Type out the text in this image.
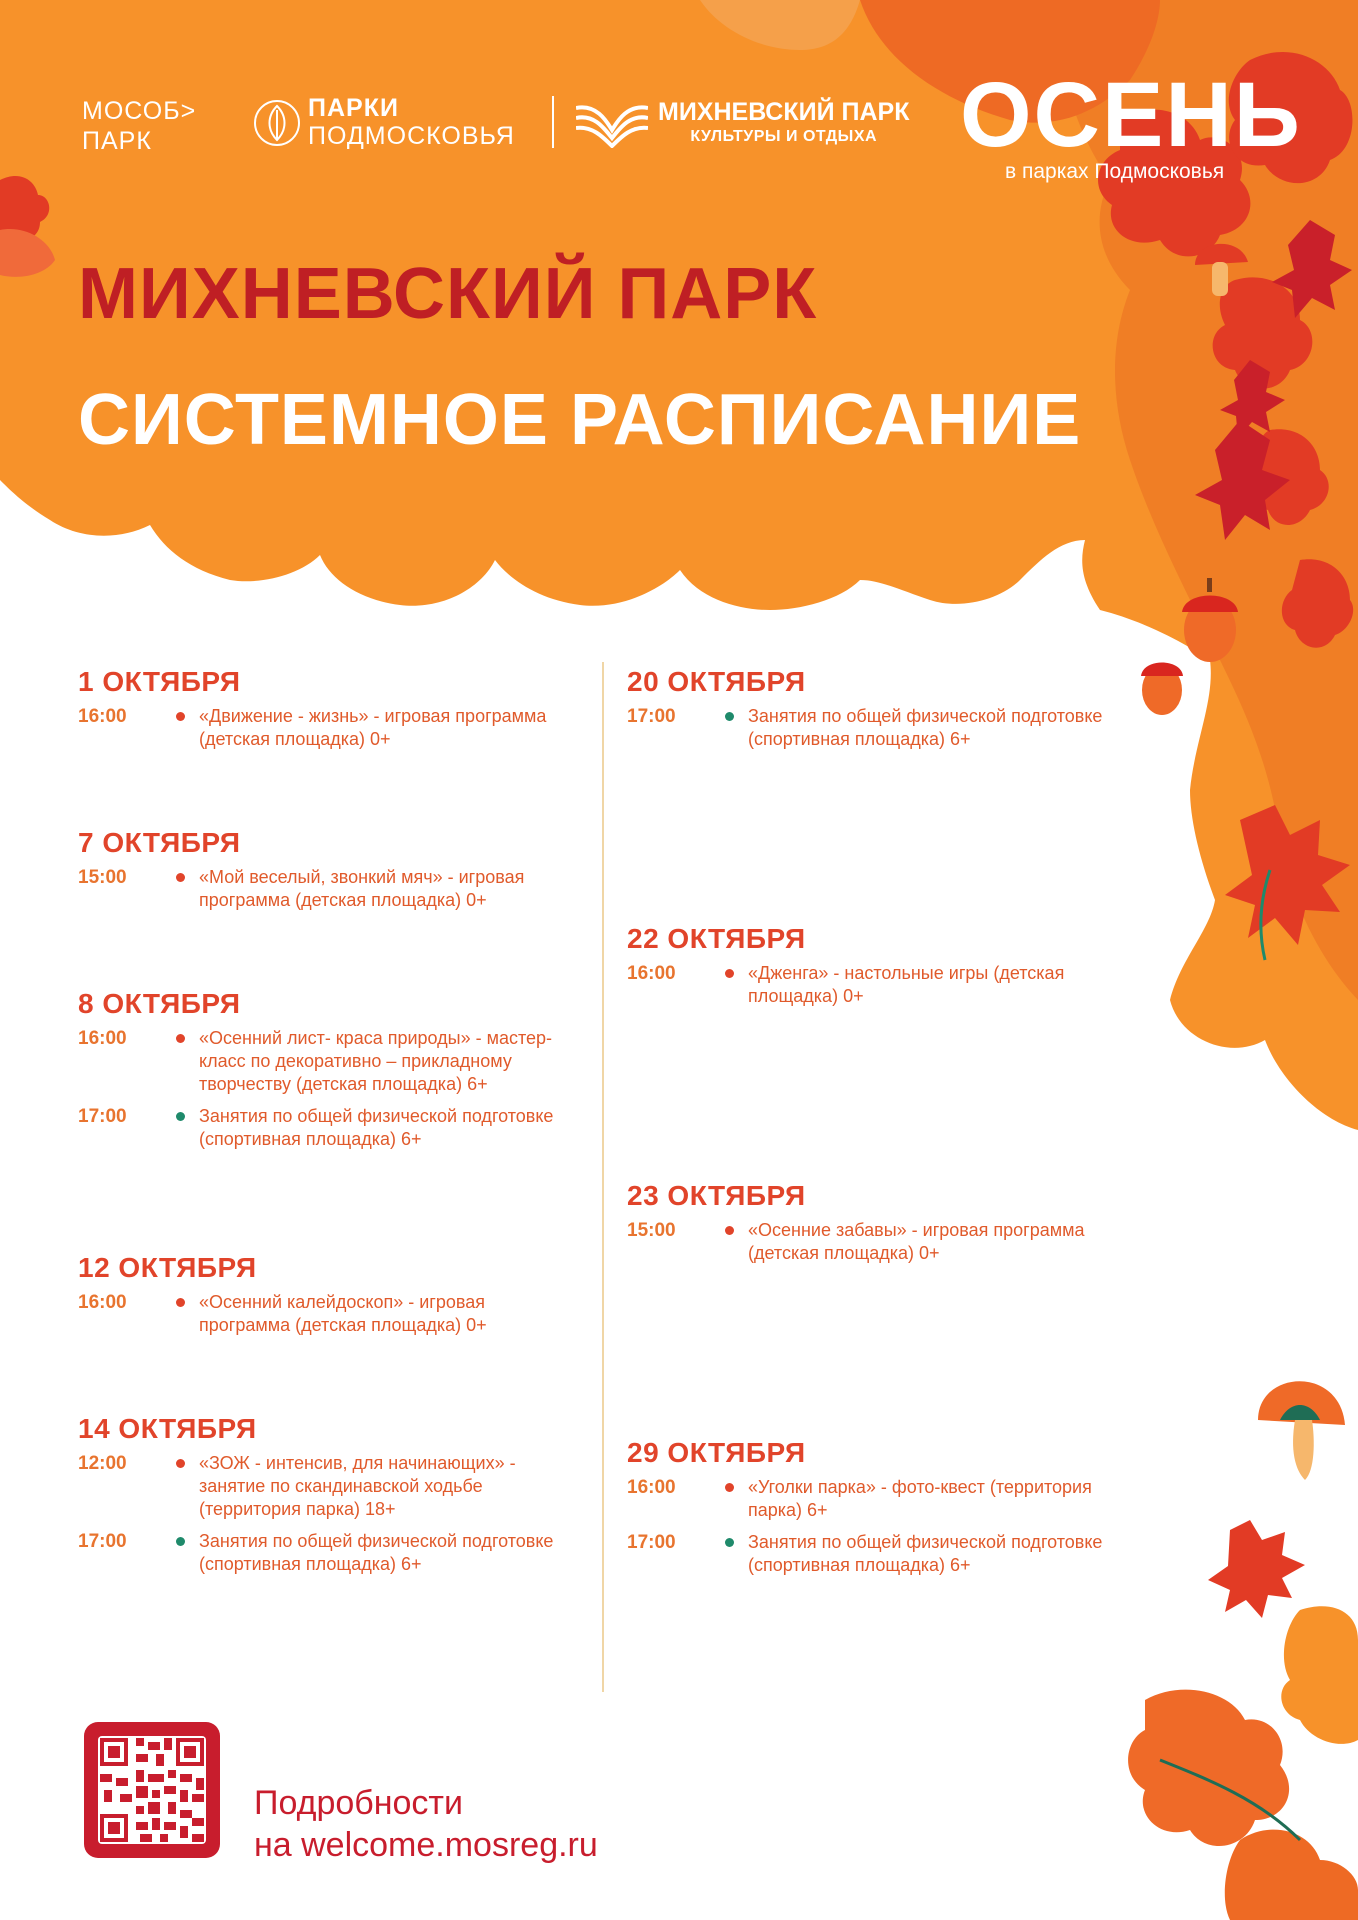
МОСОБ>
ПАРК
ПАРКИ
ПОДМОСКОВЬЯ
МИХНЕВСКИЙ ПАРК
КУЛЬТУРЫ И ОТДЫХА ОСЕНЬ
в парках Подмосковья
МИХНЕВСКИЙ ПАРК
СИСТЕМНОЕ РАСПИСАНИЕ
1 ОКТЯБРЯ
16:00	«Движение - жизнь» - игровая программа (детская площадка) 0+
7 ОКТЯБРЯ
15:00	«Мой веселый, звонкий мяч» - игровая программа (детская площадка) 0+
8 ОКТЯБРЯ
16:00	«Осенний лист- краса природы» - мастер- класс по декоративно – прикладному творчеству (детская площадка) 6+
17:00	Занятия по общей физической подготовке (спортивная площадка) 6+
12 ОКТЯБРЯ
16:00	«Осенний калейдоскоп» - игровая программа (детская площадка) 0+
14 ОКТЯБРЯ
12:00	«ЗОЖ - интенсив, для начинающих» - занятие по скандинавской ходьбе (территория парка) 18+
17:00	Занятия по общей физической подготовке (спортивная площадка) 6+
20 ОКТЯБРЯ
17:00	Занятия по общей физической подготовке (спортивная площадка) 6+
22 ОКТЯБРЯ
16:00	«Дженга» - настольные игры (детская площадка) 0+
23 ОКТЯБРЯ
15:00	«Осенние забавы» - игровая программа (детская площадка) 0+
29 ОКТЯБРЯ
16:00	«Уголки парка» - фото-квест (территория парка) 6+
17:00	Занятия по общей физической подготовке (спортивная площадка) 6+
Подробности
на welcome.mosreg.ru
